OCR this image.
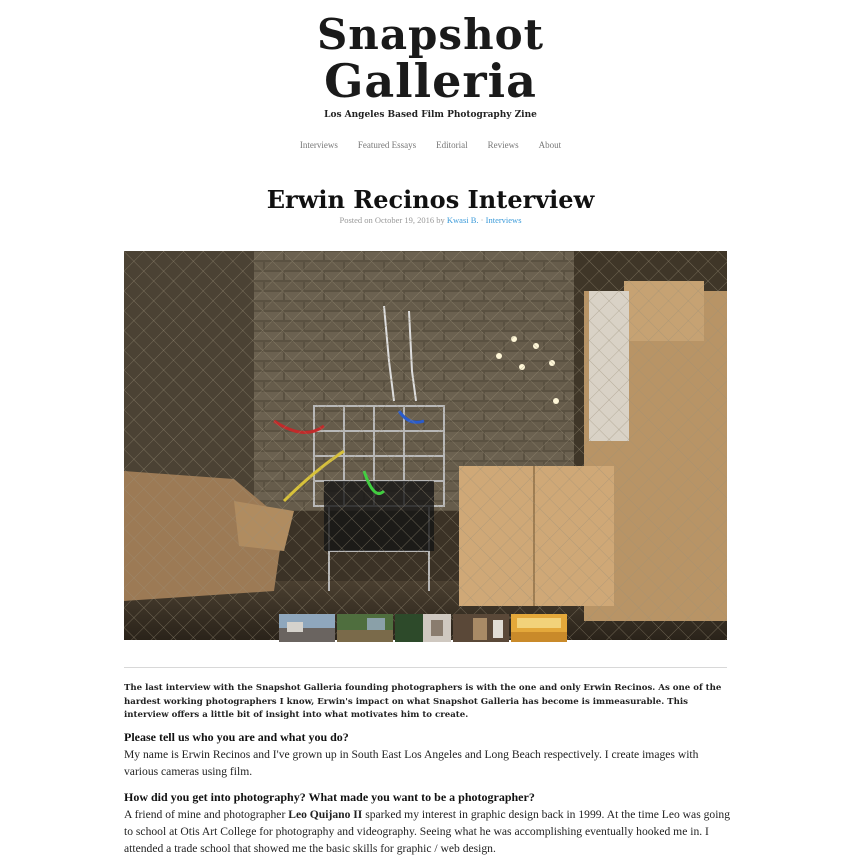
Snapshot
Galleria
Los Angeles Based Film Photography Zine
Interviews Featured Essays Editorial Reviews About
Erwin Recinos Interview
Posted on October 19, 2016 by Kwasi B. · Interviews

The last interview with the Snapshot Galleria founding photographers is with the one and only Erwin Recinos. As one of the hardest working photographers I know, Erwin's impact on what Snapshot Galleria has become is immeasurable. This interview offers a little bit of insight into what motivates him to create.

Please tell us who you are and what you do?

My name is Erwin Recinos and I've grown up in South East Los Angeles and Long Beach respectively. I create images with various cameras using film.

How did you get into photography? What made you want to be a photographer?

A friend of mine and photographer Leo Quijano II sparked my interest in graphic design back in 1999. At the time Leo was going to school at Otis Art College for photography and videography. Seeing what he was accomplishing eventually hooked me in. I attended a trade school that showed me the basic skills for graphic / web design.
